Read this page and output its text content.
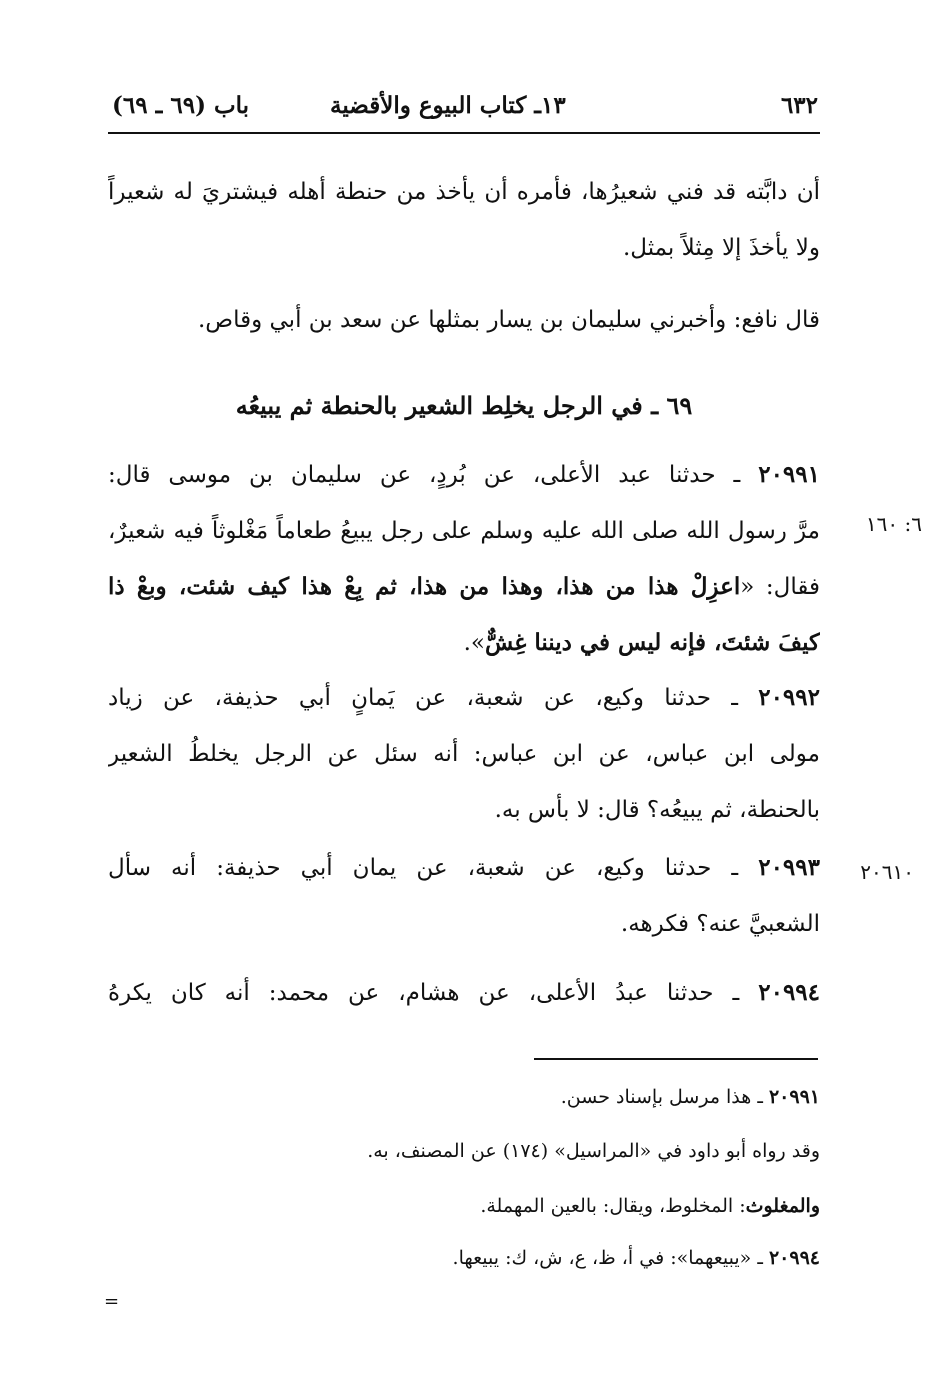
٦٣٢
١٣ـ كتاب البيوع والأقضية
باب (٦٩ ـ ٦٩)
أن دابَّته قد فني شعيرُها، فأمره أن يأخذ من حنطة أهله فيشتريَ له شعيراً
ولا يأخذَ إلا مِثلاً بمثل.
قال نافع: وأخبرني سليمان بن يسار بمثلها عن سعد بن أبي وقاص.
٦٩ ـ في الرجل يخلِط الشعير بالحنطة ثم يبيعُه
٦: ١٦٠
٢٠٩٩١ ـ حدثنا عبد الأعلى، عن بُردٍ، عن سليمان بن موسى قال:
مرَّ رسول الله صلى الله عليه وسلم على رجل يبيعُ طعاماً مَغْلوثاً فيه شعيرٌ،
فقال: «اعزِلْ هذا من هذا، وهذا من هذا، ثم بِعْ هذا كيف شئت، وبعْ ذا
كيفَ شئتَ، فإنه ليس في ديننا غِشٌّ».
٢٠٩٩٢ ـ حدثنا وكيع، عن شعبة، عن يَمانٍ أبي حذيفة، عن زياد
مولى ابن عباس، عن ابن عباس: أنه سئل عن الرجل يخلطُ الشعير
بالحنطة، ثم يبيعُه؟ قال: لا بأس به.
٢٠٦١٠
٢٠٩٩٣ ـ حدثنا وكيع، عن شعبة، عن يمان أبي حذيفة: أنه سأل
الشعبيَّ عنه؟ فكرهه.
٢٠٩٩٤ ـ حدثنا عبدُ الأعلى، عن هشام، عن محمد: أنه كان يكرهُ
٢٠٩٩١ ـ هذا مرسل بإسناد حسن.
وقد رواه أبو داود في «المراسيل» (١٧٤) عن المصنف، به.
والمغلوث: المخلوط، ويقال: بالعين المهملة.
٢٠٩٩٤ ـ «يبيعهما»: في أ، ظ، ع، ش، ك: يبيعها.
=
